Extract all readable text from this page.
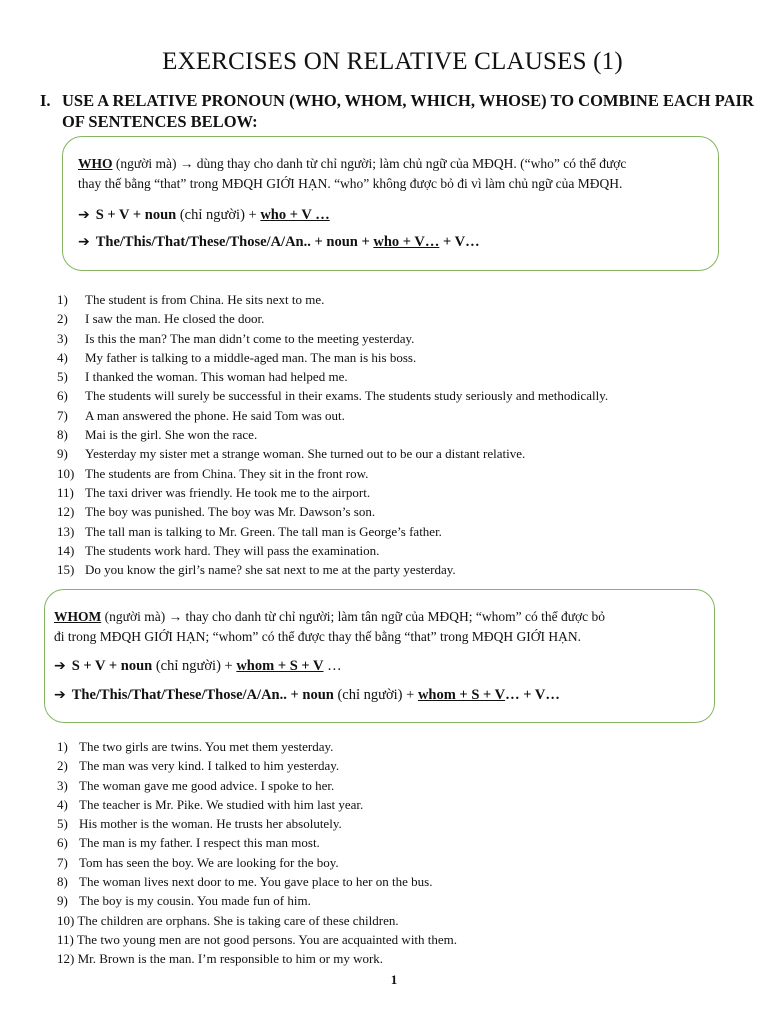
EXERCISES ON RELATIVE CLAUSES (1)
I. USE A RELATIVE PRONOUN (WHO, WHOM, WHICH, WHOSE) TO COMBINE EACH PAIR OF SENTENCES BELOW:
WHO (người mà) → dùng thay cho danh từ chỉ người; làm chủ ngữ của MĐQH. (“who” có thể được
thay thế bằng “that” trong MĐQH GIỚI HẠN. “who” không được bỏ đi vì làm chủ ngữ của MĐQH.
➔ S + V + noun (chỉ người) + who + V …
➔ The/This/That/These/Those/A/An.. + noun + who + V… + V…
1) The student is from China. He sits next to me.
2) I saw the man. He closed the door.
3) Is this the man? The man didn’t come to the meeting yesterday.
4) My father is talking to a middle-aged man. The man is his boss.
5) I thanked the woman. This woman had helped me.
6) The students will surely be successful in their exams. The students study seriously and methodically.
7) A man answered the phone. He said Tom was out.
8) Mai is the girl. She won the race.
9) Yesterday my sister met a strange woman. She turned out to be our a distant relative.
10) The students are from China. They sit in the front row.
11) The taxi driver was friendly. He took me to the airport.
12) The boy was punished. The boy was Mr. Dawson’s son.
13) The tall man is talking to Mr. Green. The tall man is George’s father.
14) The students work hard. They will pass the examination.
15) Do you know the girl’s name? she sat next to me at the party yesterday.
WHOM (người mà) → thay cho danh từ chỉ người; làm tân ngữ của MĐQH; “whom” có thể được bỏ
đi trong MĐQH GIỚI HẠN; “whom” có thể được thay thế bằng “that” trong MĐQH GIỚI HẠN.
➔ S + V + noun (chỉ người) + whom + S + V …
➔ The/This/That/These/Those/A/An.. + noun (chỉ người) + whom + S + V… + V…
1) The two girls are twins. You met them yesterday.
2) The man was very kind. I talked to him yesterday.
3) The woman gave me good advice. I spoke to her.
4) The teacher is Mr. Pike. We studied with him last year.
5) His mother is the woman. He trusts her absolutely.
6) The man is my father. I respect this man most.
7) Tom has seen the boy. We are looking for the boy.
8) The woman lives next door to me. You gave place to her on the bus.
9) The boy is my cousin. You made fun of him.
10) The children are orphans. She is taking care of these children.
11) The two young men are not good persons. You are acquainted with them.
12) Mr. Brown is the man. I’m responsible to him or my work.
1
